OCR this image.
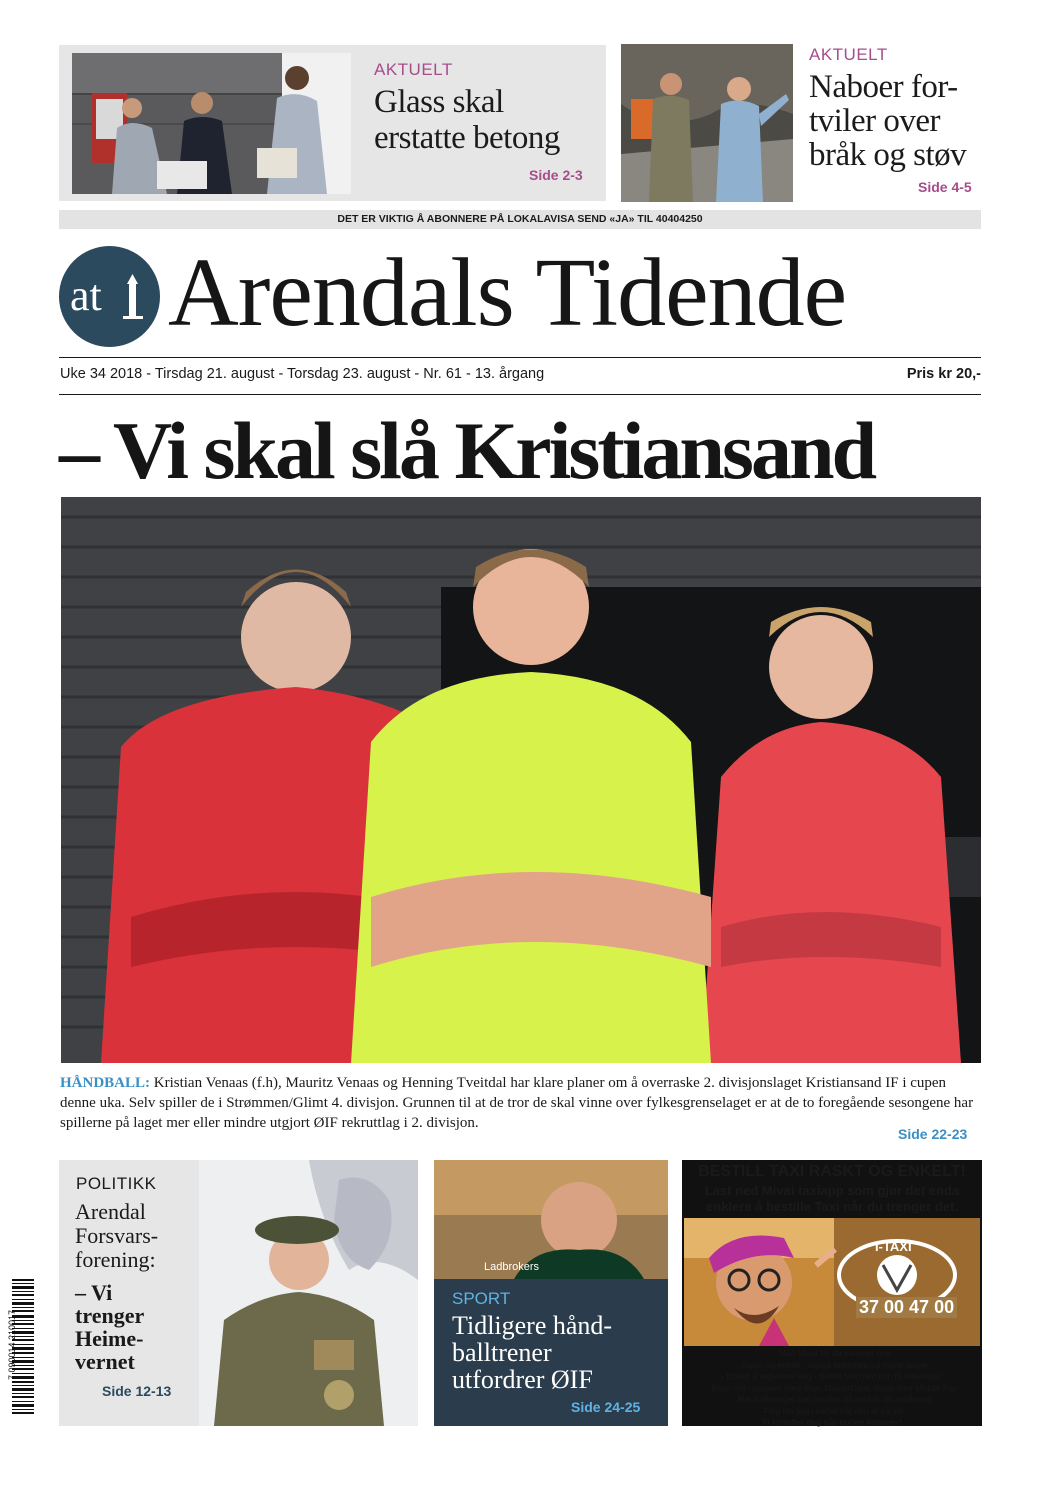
AKTUELT
Glass skal
erstatte betong
Side 2-3
AKTUELT
Naboer for-
tviler over
bråk og støv
Side 4-5
DET ER VIKTIG Å ABONNERE PÅ LOKALAVISA SEND «JA» TIL 40404250
at Arendals Tidende
Uke 34 2018 - Tirsdag 21. august - Torsdag 23. august - Nr. 61 - 13. årgang	Pris kr 20,-
– Vi skal slå Kristiansand
HÅNDBALL: Kristian Venaas (f.h), Mauritz Venaas og Henning Tveitdal har klare planer om å overraske 2. divisjonslaget Kristiansand IF i cupen denne uka. Selv spiller de i Strømmen/Glimt 4. divisjon. Grunnen til at de tror de skal vinne over fylkesgrenselaget er at de to foregående sesongene har spillerne på laget mer eller mindre utgjort ØIF rekruttlag i 2. divisjon.
Side 22-23
POLITIKK
Arendal
Forsvars-
forening:
– Vi
trenger
Heime-
vernet
Side 12-13
Ladbrokers
SPORT
Tidligere hånd-
balltrener
utfordrer ØIF
Side 24-25
BESTILL TAXI RASKT OG ENKELT!
Last ned Mivai taxiapp som gjør det enda
enklere å bestille Taxi når du trenger det.
I-TAXI
37 00 47 00
- Med Mivai får du estimert pris
- Raskt og enkelt - unngå telefonkø på travle dager
- Enkelt å registrere seg - Bestill taxi med kun få tastetrykk!
- Betal rett i mobilen med Visa, MasterCard, Vipps eller Mobile Pay
- Alle kvitteringer kan sendes på mail til din mailkonto
- Følg din taxi i kartet når den er på vei.
Vi forteller deg når taxien kommer!
7 090014 210017
